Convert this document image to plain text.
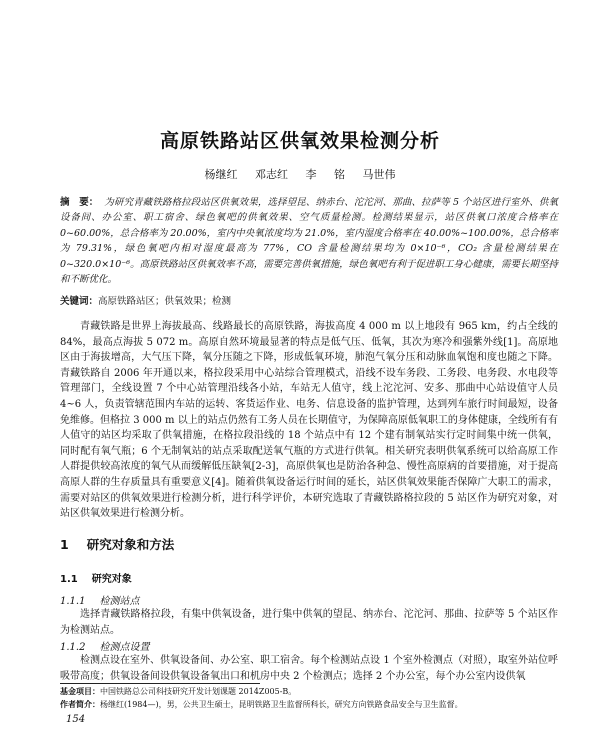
高原铁路站区供氧效果检测分析
杨继红 邓志红 李 铭 马世伟
摘　要： 为研究青藏铁路格拉段站区供氧效果，选择望昆、纳赤台、沱沱河、那曲、拉萨等 5 个站区进行室外、供氧设备间、办公室、职工宿舍、绿色氧吧的供氧效果、空气质量检测。检测结果显示，站区供氧口浓度合格率在 0~60.00%，总合格率为 20.00%，室内中央氧浓度均为 21.0%，室内湿度合格率在 40.00%~100.00%，总合格率为 79.31%，绿色氧吧内相对湿度最高为 77%，CO 含量检测结果均为 0×10⁻⁶，CO₂ 含量检测结果在 0~320.0×10⁻⁶。高原铁路站区供氧效率不高，需要完善供氧措施，绿色氧吧有利于促进职工身心健康，需要长期坚持和不断优化。
关键词：高原铁路站区；供氧效果；检测
青藏铁路是世界上海拔最高、线路最长的高原铁路，海拔高度 4 000 m 以上地段有 965 km，约占全线的 84%，最高点海拔 5 072 m。高原自然环境最显著的特点是低气压、低氧，其次为寒冷和强紫外线[1]。高原地区由于海拔增高，大气压下降，氧分压随之下降，形成低氧环境，肺泡气氧分压和动脉血氧饱和度也随之下降。青藏铁路自 2006 年开通以来，格拉段采用中心站综合管理模式，沿线不设车务段、工务段、电务段、水电段等管理部门，全线设置 7 个中心站管理沿线各小站，车站无人值守，线上沱沱河、安多、那曲中心站设值守人员 4~6 人，负责管辖范围内车站的运转、客货运作业、电务、信息设备的监护管理，达到列车旅行时间最短，设备免维修。但格拉 3 000 m 以上的站点仍然有工务人员在长期值守，为保障高原低氧职工的身体健康，全线所有有人值守的站区均采取了供氧措施，在格拉段沿线的 18 个站点中有 12 个建有制氧站实行定时间集中统一供氧，同时配有氧气瓶；6 个无制氧站的站点采取配送氧气瓶的方式进行供氧。相关研究表明供氧系统可以给高原工作人群提供较高浓度的氧气从而缓解低压缺氧[2-3]，高原供氧也是防治各种急、慢性高原病的首要措施，对于提高高原人群的生存质量具有重要意义[4]。随着供氧设备运行时间的延长，站区供氧效果能否保障广大职工的需求，需要对站区的供氧效果进行检测分析，进行科学评价，本研究选取了青藏铁路格拉段的 5 站区作为研究对象，对站区供氧效果进行检测分析。
1 研究对象和方法
1.1 研究对象
1.1.1 检测站点
选择青藏铁路格拉段，有集中供氧设备，进行集中供氧的望昆、纳赤台、沱沱河、那曲、拉萨等 5 个站区作为检测站点。
1.1.2 检测点设置
检测点设在室外、供氧设备间、办公室、职工宿舍。每个检测站点设 1 个室外检测点（对照），取室外站位呼吸带高度；供氧设备间设供氧设备氧出口和机房中央 2 个检测点；选择 2 个办公室，每个办公室内设供氧
基金项目：中国铁路总公司科技研究开发计划课题 2014Z005-B。
作者简介：杨继红(1984—)，男，公共卫生硕士，昆明铁路卫生监督所科长，研究方向铁路食品安全与卫生监督。
154
